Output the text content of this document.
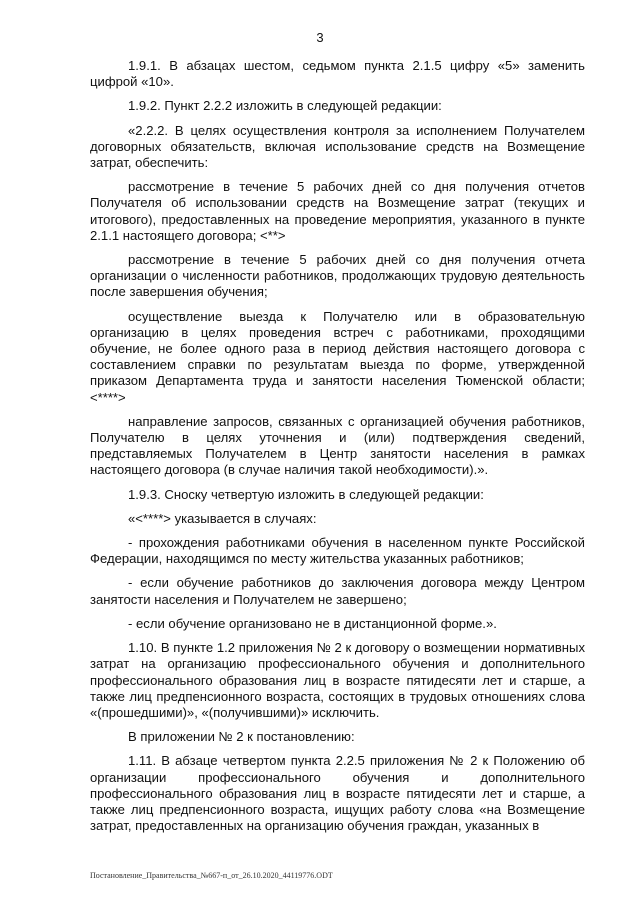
3

1.9.1. В абзацах шестом, седьмом пункта 2.1.5 цифру «5» заменить цифрой «10».

1.9.2. Пункт 2.2.2 изложить в следующей редакции:

«2.2.2. В целях осуществления контроля за исполнением Получателем договорных обязательств, включая использование средств на Возмещение затрат, обеспечить:

рассмотрение в течение 5 рабочих дней со дня получения отчетов Получателя об использовании средств на Возмещение затрат (текущих и итогового), предоставленных на проведение мероприятия, указанного в пункте 2.1.1 настоящего договора; <**>

рассмотрение в течение 5 рабочих дней со дня получения отчета организации о численности работников, продолжающих трудовую деятельность после завершения обучения;

осуществление выезда к Получателю или в образовательную организацию в целях проведения встреч с работниками, проходящими обучение, не более одного раза в период действия настоящего договора с составлением справки по результатам выезда по форме, утвержденной приказом Департамента труда и занятости населения Тюменской области; <****>

направление запросов, связанных с организацией обучения работников, Получателю в целях уточнения и (или) подтверждения сведений, представляемых Получателем в Центр занятости населения в рамках настоящего договора (в случае наличия такой необходимости).».

1.9.3. Сноску четвертую изложить в следующей редакции:

«<****> указывается в случаях:

- прохождения работниками обучения в населенном пункте Российской Федерации, находящимся по месту жительства указанных работников;

- если обучение работников до заключения договора между Центром занятости населения и Получателем не завершено;

- если обучение организовано не в дистанционной форме.».

1.10. В пункте 1.2 приложения № 2 к договору о возмещении нормативных затрат на организацию профессионального обучения и дополнительного профессионального образования лиц в возрасте пятидесяти лет и старше, а также лиц предпенсионного возраста, состоящих в трудовых отношениях слова «(прошедшими)», «(получившими)» исключить.

В приложении № 2 к постановлению:

1.11. В абзаце четвертом пункта 2.2.5 приложения № 2 к Положению об организации профессионального обучения и дополнительного профессионального образования лиц в возрасте пятидесяти лет и старше, а также лиц предпенсионного возраста, ищущих работу слова «на Возмещение затрат, предоставленных на организацию обучения граждан, указанных в

Постановление_Правительства_№667-п_от_26.10.2020_44119776.ODT
